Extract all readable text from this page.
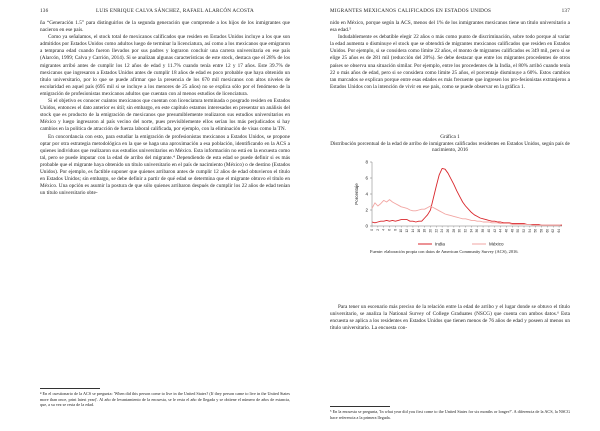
136	LUIS ENRIQUE CALVA SÁNCHEZ, RAFAEL ALARCÓN ACOSTA

ña “Generación 1.5” para distinguirlos de la segunda generación que comprende a los hijos de los inmigrantes que nacieron en ese país.

Como ya señalamos, el stock total de mexicanos calificados que residen en Estados Unidos incluye a los que son admitidos por Estados Unidos como adultos luego de terminar la licenciatura, así como a los mexicanos que emigraron a temprana edad cuando fueron llevados por sus padres y lograron concluir una carrera universitaria en ese país (Alarcón, 1999; Calva y Carrión, 2014). Si se analizan algunas características de este stock, destaca que el 28% de los migrantes arribó antes de cumplir los 12 años de edad y 11.7% cuando tenía entre 12 y 17 años. Este 39.7% de mexicanos que ingresaron a Estados Unidos antes de cumplir 18 años de edad es poco probable que haya obtenido un título universitario, por lo que se puede afirmar que la presencia de los 670 mil mexicanos con altos niveles de escolaridad en aquel país (695 mil si se incluye a los menores de 25 años) no se explica sólo por el fenómeno de la emigración de profesionistas mexicanos adultos que cuentan con al menos estudios de licenciatura.

Si el objetivo es conocer cuántos mexicanos que cuentan con licenciatura terminada o posgrado residen en Estados Unidos, entonces el dato anterior es útil; sin embargo, en este capítulo estamos interesados en presentar un análisis del stock que es producto de la emigración de mexicanos que presumiblemente realizaron sus estudios universitarios en México y luego ingresaron al país vecino del norte, pues previsiblemente ellos serían los más perjudicados si hay cambios en la política de atracción de fuerza laboral calificada, por ejemplo, con la eliminación de visas como la TN.

En concordancia con esto, para estudiar la emigración de profesionistas mexicanos a Estados Unidos, se propone optar por otra estrategia metodológica en la que se haga una aproximación a esa población, identificando en la ACS a quienes individuos que realizaron sus estudios universitarios en México. Esta información no está en la encuesta como tal, pero se puede imputar con la edad de arribo del migrante.⁴ Dependiendo de esta edad se puede definir si es más probable que el migrante haya obtenido un título universitario en el país de nacimiento (México) o de destino (Estados Unidos). Por ejemplo, es factible suponer que quienes arribaron antes de cumplir 12 años de edad obtuvieron el título en Estados Unidos; sin embargo, se debe definir a partir de qué edad se determina que el migrante obtuvo el título en México. Una opción es asumir la postura de que sólo quienes arribaron después de cumplir los 22 años de edad tenían un título universitario obte-

⁴ En el cuestionario de la ACS se pregunta: 'When did this person come to live in the United States? (If they person came to live in the United States more than once, print latest year)'. Al año de levantamiento de la encuesta, se le resta el año de llegada y se obtiene el número de años de estancia, que, a su vez se resta de la edad.
MIGRANTES MEXICANOS CALIFICADOS EN ESTADOS UNIDOS	137

nido en México, porque según la ACS, menos del 1% de los inmigrantes mexicanos tiene un título universitario a esa edad.⁵

Indudablemente es debatible elegir 22 años o más como punto de discriminación, sobre todo porque al variar la edad aumenta o disminuye el stock que se obtendrá de migrantes mexicanos calificados que residen en Estados Unidos. Por ejemplo, si se considera como límite 22 años, el monto de migrantes calificados es 349 mil, pero si se elige 25 años es de 281 mil (reducción del 20%). Se debe destacar que entre los migrantes procedentes de otros países se observa una situación similar. Por ejemplo, entre los procedentes de la India, el 80% arribó cuando tenía 22 o más años de edad, pero si se considera como límite 25 años, el porcentaje disminuye a 60%. Estos cambios tan marcados se explican porque entre esas edades es más frecuente que ingresen los pro-fesionistas extranjeros a Estados Unidos con la intención de vivir en ese país, como se puede observar en la gráfica 1.

Gráfica 1
Distribución porcentual de la edad de arribo de inmigrantes calificados residentes en Estados Unidos, según país de nacimiento, 2016
0
2
4
6
8
Porcentaje
0 2 4 6 8 10 12 14 16 18 20 22 24 26 28 30 32 34 36 38 40 42 44 46 48 50 52 54 56 58 60 62 64
India	México
Fuente: elaboración propia con datos de American Community Survey (ACS), 2016.

Para tener un escenario más preciso de la relación entre la edad de arribo y el lugar donde se obtuvo el título universitario, se analiza la National Survey of College Graduates (NSCG) que cuenta con ambos datos.⁶ Esta encuesta se aplica a los residentes en Estados Unidos que tienen menos de 76 años de edad y poseen al menos un título universitario. La encuesta con-

⁵ En la encuesta se pregunta, 'In what year did you first come to the United States for six months or longer?'. A diferencia de la ACS, la NSCG hace referencia a la primera llegada.
